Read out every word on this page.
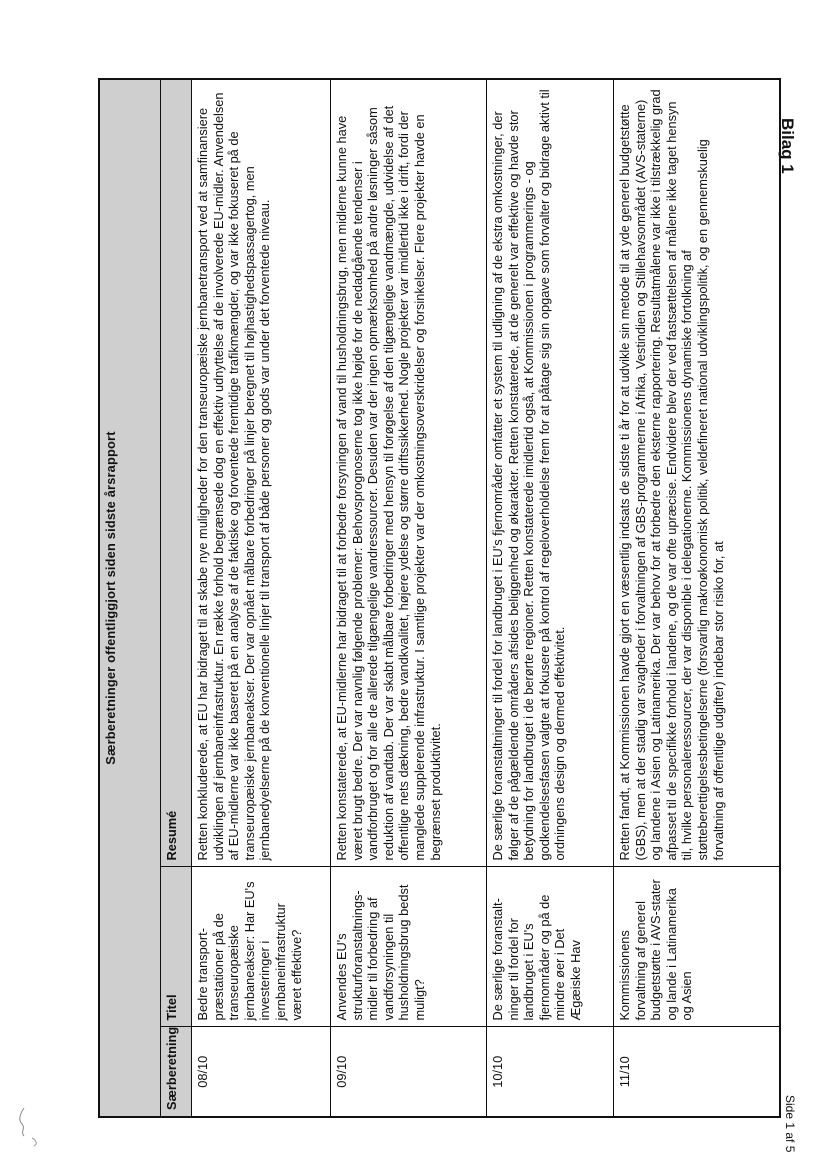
Bilag 1
Side 1 af 5
Særberetninger offentliggjort siden sidste årsrapport		
Særberetning	Titel	Resumé
08/10	Bedre transport-præstationer på de transeuropæiske jernbaneakser: Har EU's investeringer i jernbaneinfrastruktur været effektive?	Retten konkluderede, at EU har bidraget til at skabe nye muligheder for den transeuropæiske jernbanetransport ved at samfinansiere udviklingen af jernbaneinfrastruktur. En række forhold begrænsede dog en effektiv udnyttelse af de involverede EU-midler. Anvendelsen af EU-midlerne var ikke baseret på en analyse af de faktiske og forventede fremtidige trafikmængder, og var ikke fokuseret på de transeuropæiske jernbaneakser. Der var opnået målbare forbedringer på linjer beregnet til højhastighedspassagertog, men jernbanedyelserne på de konventionelle linjer til transport af både personer og gods var under det forventede niveau.
09/10	Anvendes EU's strukturforanstaltnings-midler til forbedring af vandforsyningen til husholdningsbrug bedst muligt?	Retten konstaterede, at EU-midlerne har bidraget til at forbedre forsyningen af vand til husholdningsbrug, men midlerne kunne have været brugt bedre. Der var navnlig følgende problemer: Behovsprognoserne tog ikke højde for de nedadgående tendenser i vandforbruget og for alle de allerede tilgængelige vandressourcer. Desuden var der ingen opmærksomhed på andre løsninger såsom reduktion af vandtab. Der var skabt målbare forbedringer med hensyn til forøgelse af den tilgængelige vandmængde, udvidelse af det offentlige nets dækning, bedre vandkvalitet, højere ydelse og større driftssikkerhed. Nogle projekter var imidlertid ikke i drift, fordi der manglede supplerende infrastruktur. I samtlige projekter var der omkostningsoverskridelser og forsinkelser. Flere projekter havde en begrænset produktivitet.
10/10	De særlige foranstalt-ninger til fordel for landbruget i EU's fjernområder og på de mindre øer i Det Ægæiske Hav	De særlige foranstaltninger til fordel for landbruget i EU's fjernområder omfatter et system til udligning af de ekstra omkostninger, der følger af de pågældende områders afsides beliggenhed og økarakter. Retten konstaterede, at de generelt var effektive og havde stor betydning for landbruget i de berørte regioner. Retten konstaterede imidlertid også, at Kommissionen i programmerings - og godkendelsesfasen valgte at fokusere på kontrol af regeloverholdelse frem for at påtage sig sin opgave som forvalter og bidrage aktivt til ordningens design og dermed effektivitet.
11/10	Kommissionens forvaltning af generel budgetstøtte i AVS-stater og lande i Latinamerika og Asien	Retten fandt, at Kommissionen havde gjort en væsentlig indsats de sidste ti år for at udvikle sin metode til at yde generel budgetstøtte (GBS), men at der stadig var svagheder i forvaltningen af GBS-programmerne i Afrika, Vestindien og Stillehavsområdet (AVS-staterne) og landene i Asien og Latinamerika. Der var behov for at forbedre den eksterne rapportering. Resultatmålene var ikke i tilstrækkelig grad afpasset til de specifikke forhold i landene, og de var ofte upræcise. Endvidere blev der ved fastsættelsen af målene ikke taget hensyn til, hvilke personaleressourcer, der var disponible i delegationerne. Kommissionens dynamiske fortolkning af støtteberettigelsesbetingelserne (forsvarlig makroøkonomisk politik, veldefineret national udviklingspolitik, og en gennemskuelig forvaltning af offentlige udgifter) indebar stor risiko for, at
